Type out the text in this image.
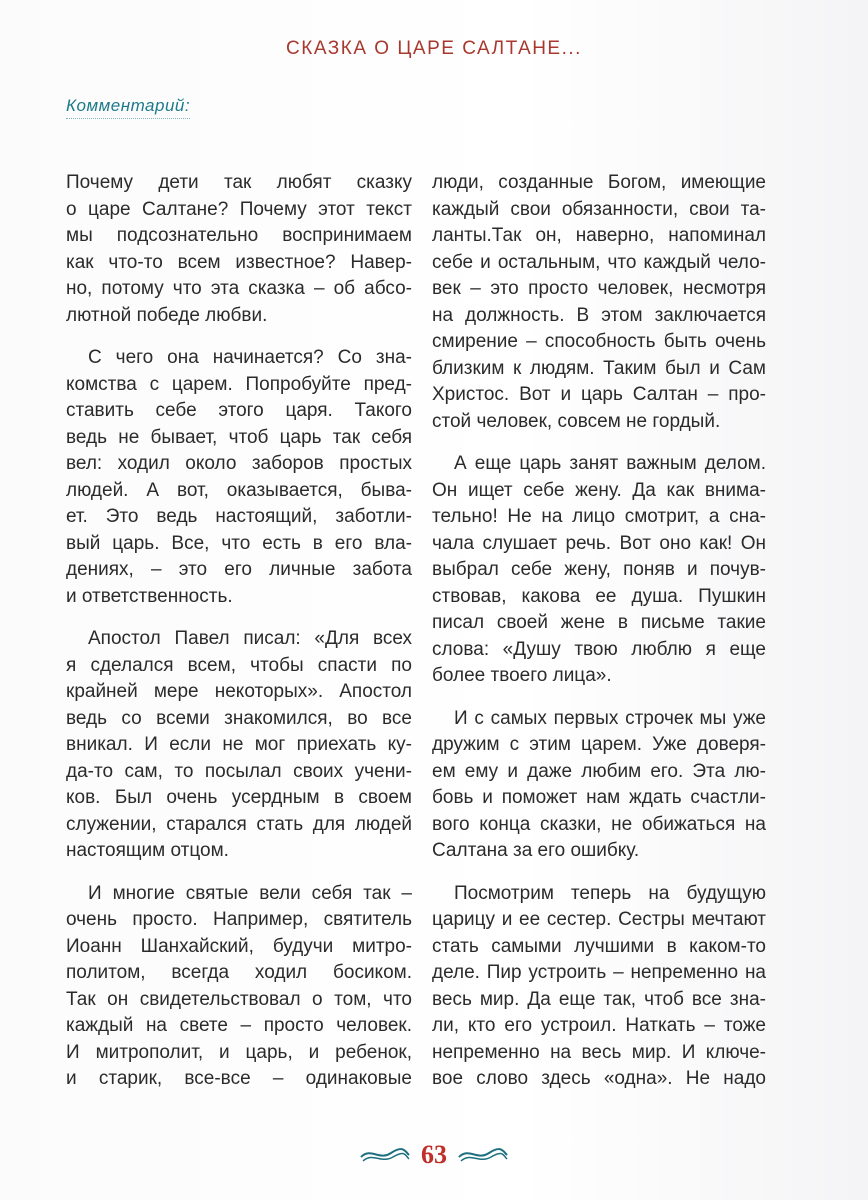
СКАЗКА О ЦАРЕ САЛТАНЕ...
Комментарий:
Почему дети так любят сказку
о царе Салтане? Почему этот текст
мы подсознательно воспринимаем
как что-то всем известное? Навер-
но, потому что эта сказка – об абсо-
лютной победе любви.
С чего она начинается? Со зна-
комства с царем. Попробуйте пред-
ставить себе этого царя. Такого
ведь не бывает, чтоб царь так себя
вел: ходил около заборов простых
людей. А вот, оказывается, быва-
ет. Это ведь настоящий, заботли-
вый царь. Все, что есть в его вла-
дениях, – это его личные забота
и ответственность.
Апостол Павел писал: «Для всех
я сделался всем, чтобы спасти по
крайней мере некоторых». Апостол
ведь со всеми знакомился, во все
вникал. И если не мог приехать ку-
да-то сам, то посылал своих учени-
ков. Был очень усердным в своем
служении, старался стать для людей
настоящим отцом.
И многие святые вели себя так –
очень просто. Например, святитель
Иоанн Шанхайский, будучи митро-
политом, всегда ходил босиком.
Так он свидетельствовал о том, что
каждый на свете – просто человек.
И митрополит, и царь, и ребенок,
и старик, все-все – одинаковые
люди, созданные Богом, имеющие
каждый свои обязанности, свои та-
ланты.Так он, наверно, напоминал
себе и остальным, что каждый чело-
век – это просто человек, несмотря
на должность. В этом заключается
смирение – способность быть очень
близким к людям. Таким был и Сам
Христос. Вот и царь Салтан – про-
стой человек, совсем не гордый.
А еще царь занят важным делом.
Он ищет себе жену. Да как внима-
тельно! Не на лицо смотрит, а сна-
чала слушает речь. Вот оно как! Он
выбрал себе жену, поняв и почув-
ствовав, какова ее душа. Пушкин
писал своей жене в письме такие
слова: «Душу твою люблю я еще
более твоего лица».
И с самых первых строчек мы уже
дружим с этим царем. Уже доверя-
ем ему и даже любим его. Эта лю-
бовь и поможет нам ждать счастли-
вого конца сказки, не обижаться на
Салтана за его ошибку.
Посмотрим теперь на будущую
царицу и ее сестер. Сестры мечтают
стать самыми лучшими в каком-то
деле. Пир устроить – непременно на
весь мир. Да еще так, чтоб все зна-
ли, кто его устроил. Наткать – тоже
непременно на весь мир. И ключе-
вое слово здесь «одна». Не надо
63
